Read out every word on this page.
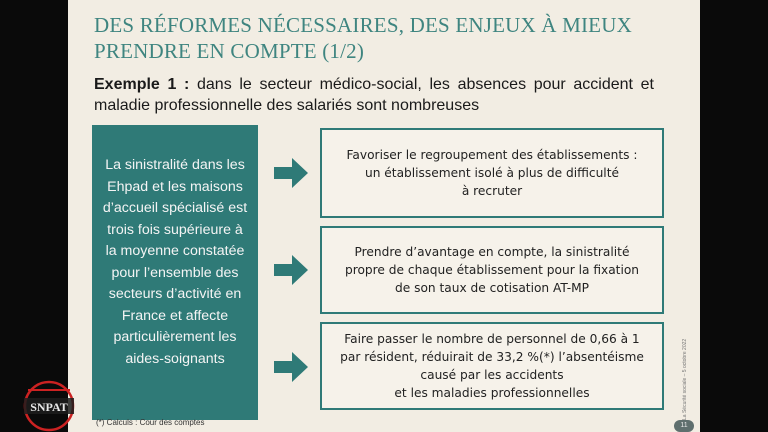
DES RÉFORMES NÉCESSAIRES, DES ENJEUX À MIEUX
PRENDRE EN COMPTE (1/2)
Exemple 1 : dans le secteur médico-social, les absences pour accident et maladie professionnelle des salariés sont nombreuses
La sinistralité dans les Ehpad et les maisons d’accueil spécialisé est trois fois supérieure à la moyenne constatée pour l’ensemble des secteurs d’activité en France et affecte particulièrement les aides-soignants
Favoriser le regroupement des établissements :
un établissement isolé à plus de difficulté
à recruter
Prendre d’avantage en compte, la sinistralité
propre de chaque établissement pour la fixation
de son taux de cotisation AT-MP
Faire passer le nombre de personnel de 0,66 à 1
par résident, réduirait de 33,2 %(*) l’absentéisme
causé par les accidents
et les maladies professionnelles
(*) Calculs : Cour des comptes
La Sécurité sociale – 5 octobre 2022
11
SNPAT
